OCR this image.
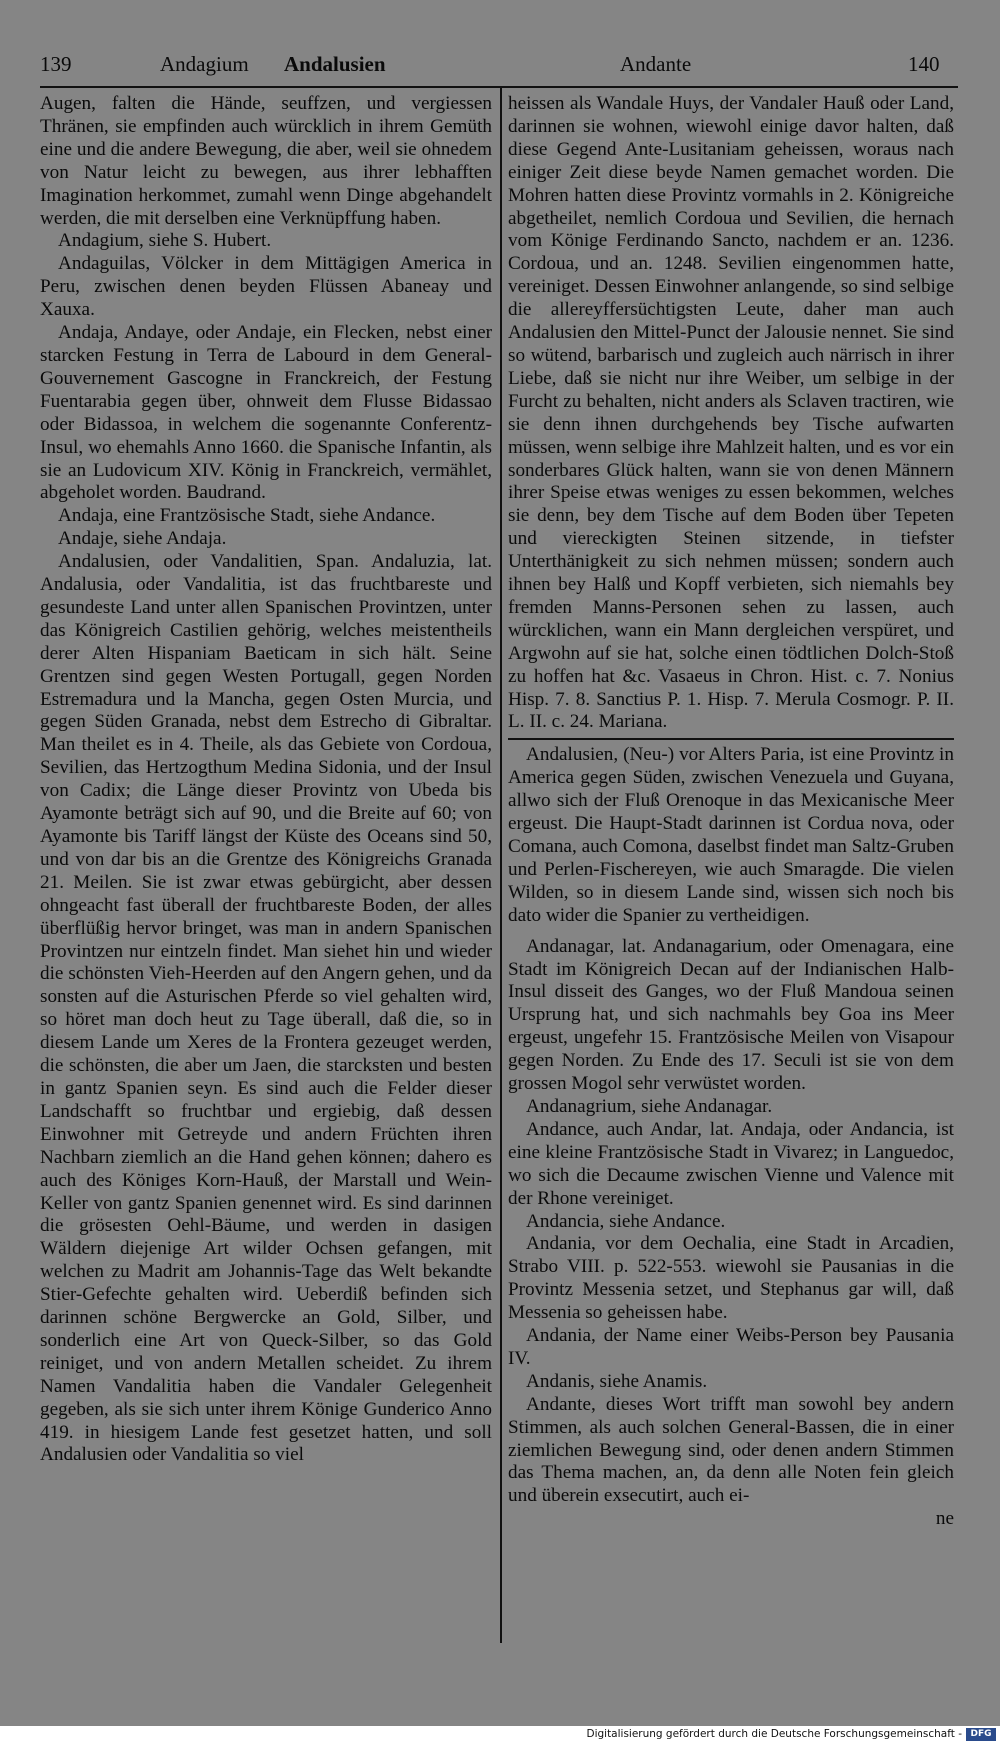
139	Andagium Andalusien	Andante	140

Augen, falten die Hände, seuffzen, und vergiessen Thränen, sie empfinden auch würcklich in ihrem Gemüth eine und die andere Bewegung, die aber, weil sie ohnedem von Natur leicht zu bewegen, aus ihrer lebhafften Imagination herkommet, zumahl wenn Dinge abgehandelt werden, die mit derselben eine Verknüpffung haben.

Andagium, siehe S. Hubert.

Andaguilas, Völcker in dem Mittägigen America in Peru, zwischen denen beyden Flüssen Abaneay und Xauxa.

Andaja, Andaye, oder Andaje, ein Flecken, nebst einer starcken Festung in Terra de Labourd in dem General-Gouvernement Gascogne in Franckreich, der Festung Fuentarabia gegen über, ohnweit dem Flusse Bidassao oder Bidassoa, in welchem die sogenannte Conferentz-Insul, wo ehemahls Anno 1660. die Spanische Infantin, als sie an Ludovicum XIV. König in Franckreich, vermählet, abgeholet worden. Baudrand.

Andaja, eine Frantzösische Stadt, siehe Andance.

Andaje, siehe Andaja.

Andalusien, oder Vandalitien, Span. Andaluzia, lat. Andalusia, oder Vandalitia, ist das fruchtbareste und gesundeste Land unter allen Spanischen Provintzen, unter das Königreich Castilien gehörig, welches meistentheils derer Alten Hispaniam Baeticam in sich hält. Seine Grentzen sind gegen Westen Portugall, gegen Norden Estremadura und la Mancha, gegen Osten Murcia, und gegen Süden Granada, nebst dem Estrecho di Gibraltar. Man theilet es in 4. Theile, als das Gebiete von Cordoua, Sevilien, das Hertzogthum Medina Sidonia, und der Insul von Cadix; die Länge dieser Provintz von Ubeda bis Ayamonte beträgt sich auf 90, und die Breite auf 60; von Ayamonte bis Tariff längst der Küste des Oceans sind 50, und von dar bis an die Grentze des Königreichs Granada 21. Meilen. Sie ist zwar etwas gebürgicht, aber dessen ohngeacht fast überall der fruchtbareste Boden, der alles überflüßig hervor bringet, was man in andern Spanischen Provintzen nur eintzeln findet. Man siehet hin und wieder die schönsten Vieh-Heerden auf den Angern gehen, und da sonsten auf die Asturischen Pferde so viel gehalten wird, so höret man doch heut zu Tage überall, daß die, so in diesem Lande um Xeres de la Frontera gezeuget werden, die schönsten, die aber um Jaen, die starcksten und besten in gantz Spanien seyn. Es sind auch die Felder dieser Landschafft so fruchtbar und ergiebig, daß dessen Einwohner mit Getreyde und andern Früchten ihren Nachbarn ziemlich an die Hand gehen können; dahero es auch des Königes Korn-Hauß, der Marstall und Wein-Keller von gantz Spanien genennet wird. Es sind darinnen die grösesten Oehl-Bäume, und werden in dasigen Wäldern diejenige Art wilder Ochsen gefangen, mit welchen zu Madrit am Johannis-Tage das Welt bekandte Stier-Gefechte gehalten wird. Ueberdiß befinden sich darinnen schöne Bergwercke an Gold, Silber, und sonderlich eine Art von Queck-Silber, so das Gold reiniget, und von andern Metallen scheidet. Zu ihrem Namen Vandalitia haben die Vandaler Gelegenheit gegeben, als sie sich unter ihrem Könige Gunderico Anno 419. in hiesigem Lande fest gesetzet hatten, und soll Andalusien oder Vandalitia so viel

heissen als Wandale Huys, der Vandaler Hauß oder Land, darinnen sie wohnen, wiewohl einige davor halten, daß diese Gegend Ante-Lusitaniam geheissen, woraus nach einiger Zeit diese beyde Namen gemachet worden. Die Mohren hatten diese Provintz vormahls in 2. Königreiche abgetheilet, nemlich Cordoua und Sevilien, die hernach vom Könige Ferdinando Sancto, nachdem er an. 1236. Cordoua, und an. 1248. Sevilien eingenommen hatte, vereiniget. Dessen Einwohner anlangende, so sind selbige die allereyffersüchtigsten Leute, daher man auch Andalusien den Mittel-Punct der Jalousie nennet. Sie sind so wütend, barbarisch und zugleich auch närrisch in ihrer Liebe, daß sie nicht nur ihre Weiber, um selbige in der Furcht zu behalten, nicht anders als Sclaven tractiren, wie sie denn ihnen durchgehends bey Tische aufwarten müssen, wenn selbige ihre Mahlzeit halten, und es vor ein sonderbares Glück halten, wann sie von denen Männern ihrer Speise etwas weniges zu essen bekommen, welches sie denn, bey dem Tische auf dem Boden über Tepeten und viereckigten Steinen sitzende, in tiefster Unterthänigkeit zu sich nehmen müssen; sondern auch ihnen bey Halß und Kopff verbieten, sich niemahls bey fremden Manns-Personen sehen zu lassen, auch würcklichen, wann ein Mann dergleichen verspüret, und Argwohn auf sie hat, solche einen tödtlichen Dolch-Stoß zu hoffen hat &c. Vasaeus in Chron. Hist. c. 7. Nonius Hisp. 7. 8. Sanctius P. 1. Hisp. 7. Merula Cosmogr. P. II. L. II. c. 24. Mariana.

Andalusien, (Neu-) vor Alters Paria, ist eine Provintz in America gegen Süden, zwischen Venezuela und Guyana, allwo sich der Fluß Orenoque in das Mexicanische Meer ergeust. Die Haupt-Stadt darinnen ist Cordua nova, oder Comana, auch Comona, daselbst findet man Saltz-Gruben und Perlen-Fischereyen, wie auch Smaragde. Die vielen Wilden, so in diesem Lande sind, wissen sich noch bis dato wider die Spanier zu vertheidigen.

Andanagar, lat. Andanagarium, oder Omenagara, eine Stadt im Königreich Decan auf der Indianischen Halb-Insul disseit des Ganges, wo der Fluß Mandoua seinen Ursprung hat, und sich nachmahls bey Goa ins Meer ergeust, ungefehr 15. Frantzösische Meilen von Visapour gegen Norden. Zu Ende des 17. Seculi ist sie von dem grossen Mogol sehr verwüstet worden.

Andanagrium, siehe Andanagar.

Andance, auch Andar, lat. Andaja, oder Andancia, ist eine kleine Frantzösische Stadt in Vivarez; in Languedoc, wo sich die Decaume zwischen Vienne und Valence mit der Rhone vereiniget.

Andancia, siehe Andance.

Andania, vor dem Oechalia, eine Stadt in Arcadien, Strabo VIII. p. 522-553. wiewohl sie Pausanias in die Provintz Messenia setzet, und Stephanus gar will, daß Messenia so geheissen habe.

Andania, der Name einer Weibs-Person bey Pausania IV.

Andanis, siehe Anamis.

Andante, dieses Wort trifft man sowohl bey andern Stimmen, als auch solchen General-Bassen, die in einer ziemlichen Bewegung sind, oder denen andern Stimmen das Thema machen, an, da denn alle Noten fein gleich und überein exsecutirt, auch ei-

ne

Digitalisierung gefördert durch die Deutsche Forschungsgemeinschaft - DFG
